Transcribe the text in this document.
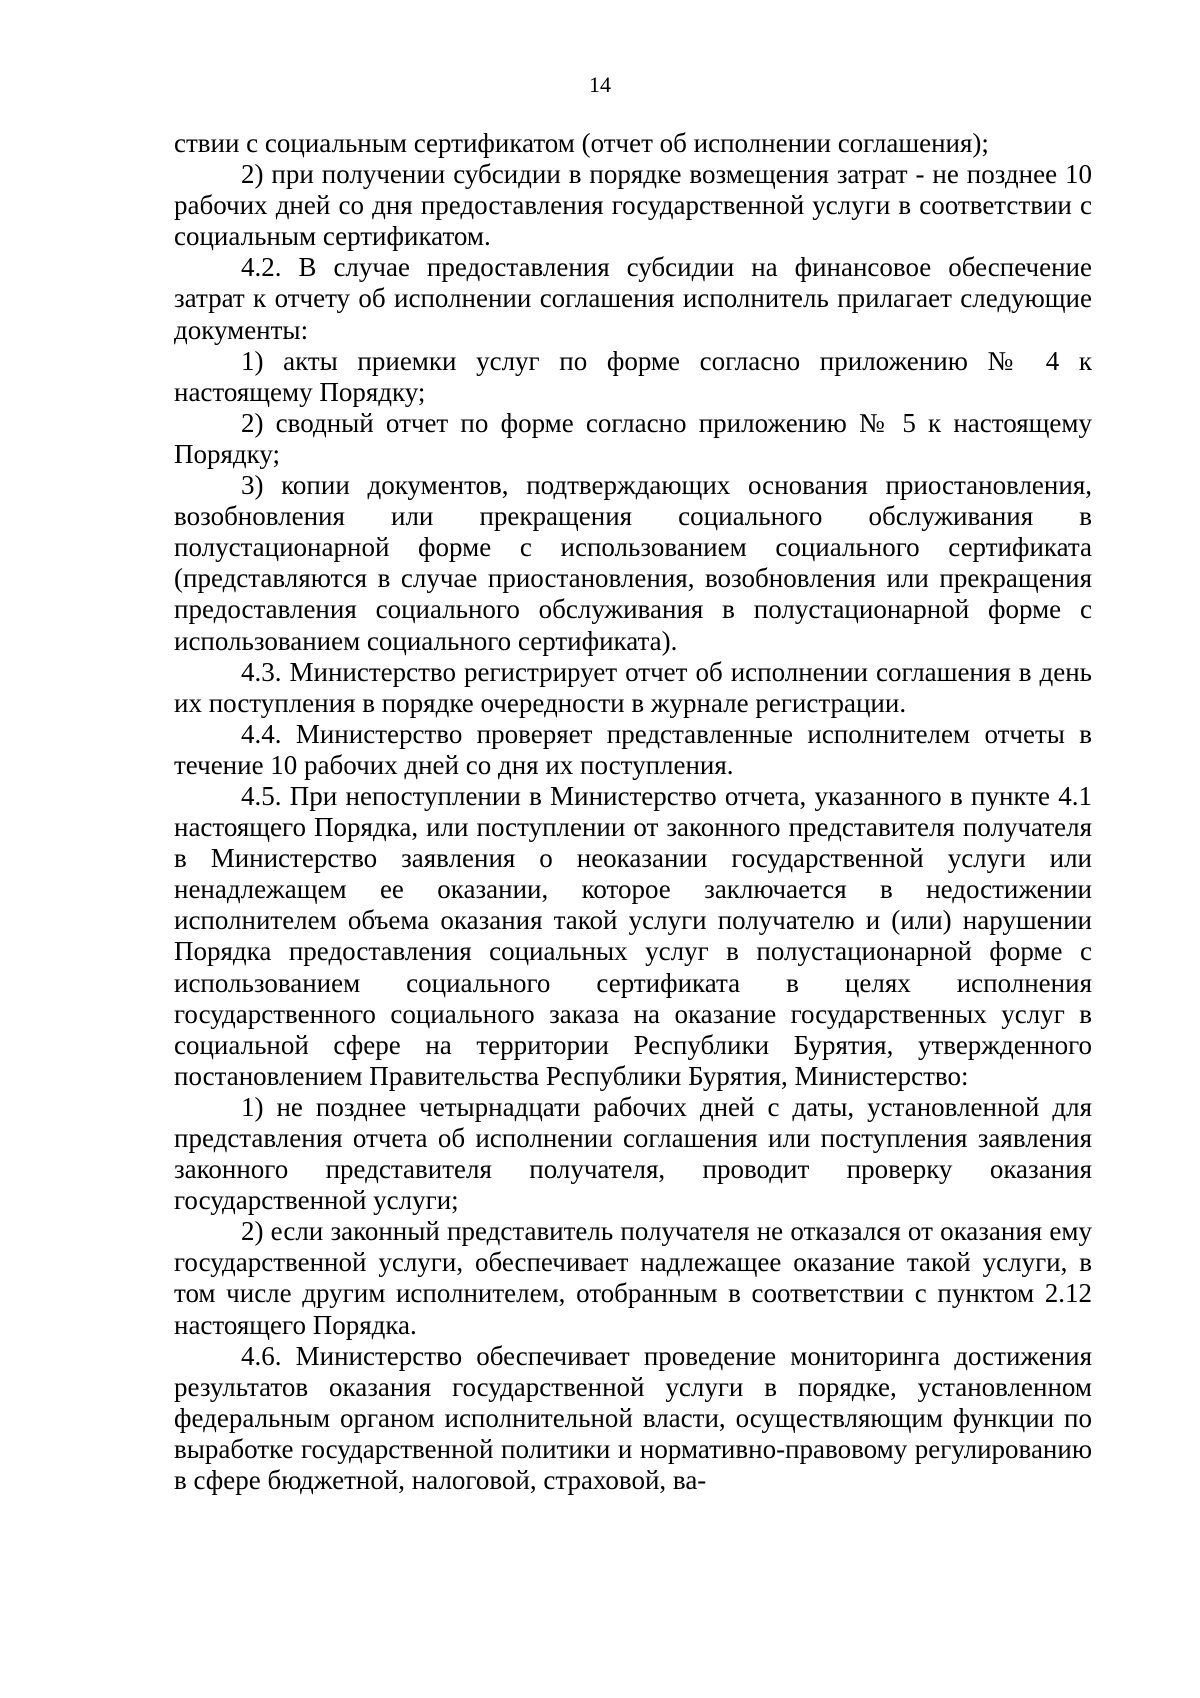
14

ствии с социальным сертификатом (отчет об исполнении соглашения);

2) при получении субсидии в порядке возмещения затрат - не позднее 10 рабочих дней со дня предоставления государственной услуги в соответствии с социальным сертификатом.

4.2. В случае предоставления субсидии на финансовое обеспечение затрат к отчету об исполнении соглашения исполнитель прилагает следующие документы:

1) акты приемки услуг по форме согласно приложению № 4 к настоящему Порядку;

2) сводный отчет по форме согласно приложению № 5 к настоящему Порядку;

3) копии документов, подтверждающих основания приостановления, возобновления или прекращения социального обслуживания в полустационарной форме с использованием социального сертификата (представляются в случае приостановления, возобновления или прекращения предоставления социального обслуживания в полустационарной форме с использованием социального сертификата).

4.3. Министерство регистрирует отчет об исполнении соглашения в день их поступления в порядке очередности в журнале регистрации.

4.4. Министерство проверяет представленные исполнителем отчеты в течение 10 рабочих дней со дня их поступления.

4.5. При непоступлении в Министерство отчета, указанного в пункте 4.1 настоящего Порядка, или поступлении от законного представителя получателя в Министерство заявления о неоказании государственной услуги или ненадлежащем ее оказании, которое заключается в недостижении исполнителем объема оказания такой услуги получателю и (или) нарушении Порядка предоставления социальных услуг в полустационарной форме с использованием социального сертификата в целях исполнения государственного социального заказа на оказание государственных услуг в социальной сфере на территории Республики Бурятия, утвержденного постановлением Правительства Республики Бурятия, Министерство:

1) не позднее четырнадцати рабочих дней с даты, установленной для представления отчета об исполнении соглашения или поступления заявления законного представителя получателя, проводит проверку оказания государственной услуги;

2) если законный представитель получателя не отказался от оказания ему государственной услуги, обеспечивает надлежащее оказание такой услуги, в том числе другим исполнителем, отобранным в соответствии с пунктом 2.12 настоящего Порядка.

4.6. Министерство обеспечивает проведение мониторинга достижения результатов оказания государственной услуги в порядке, установленном федеральным органом исполнительной власти, осуществляющим функции по выработке государственной политики и нормативно-правовому регулированию в сфере бюджетной, налоговой, страховой, ва-
